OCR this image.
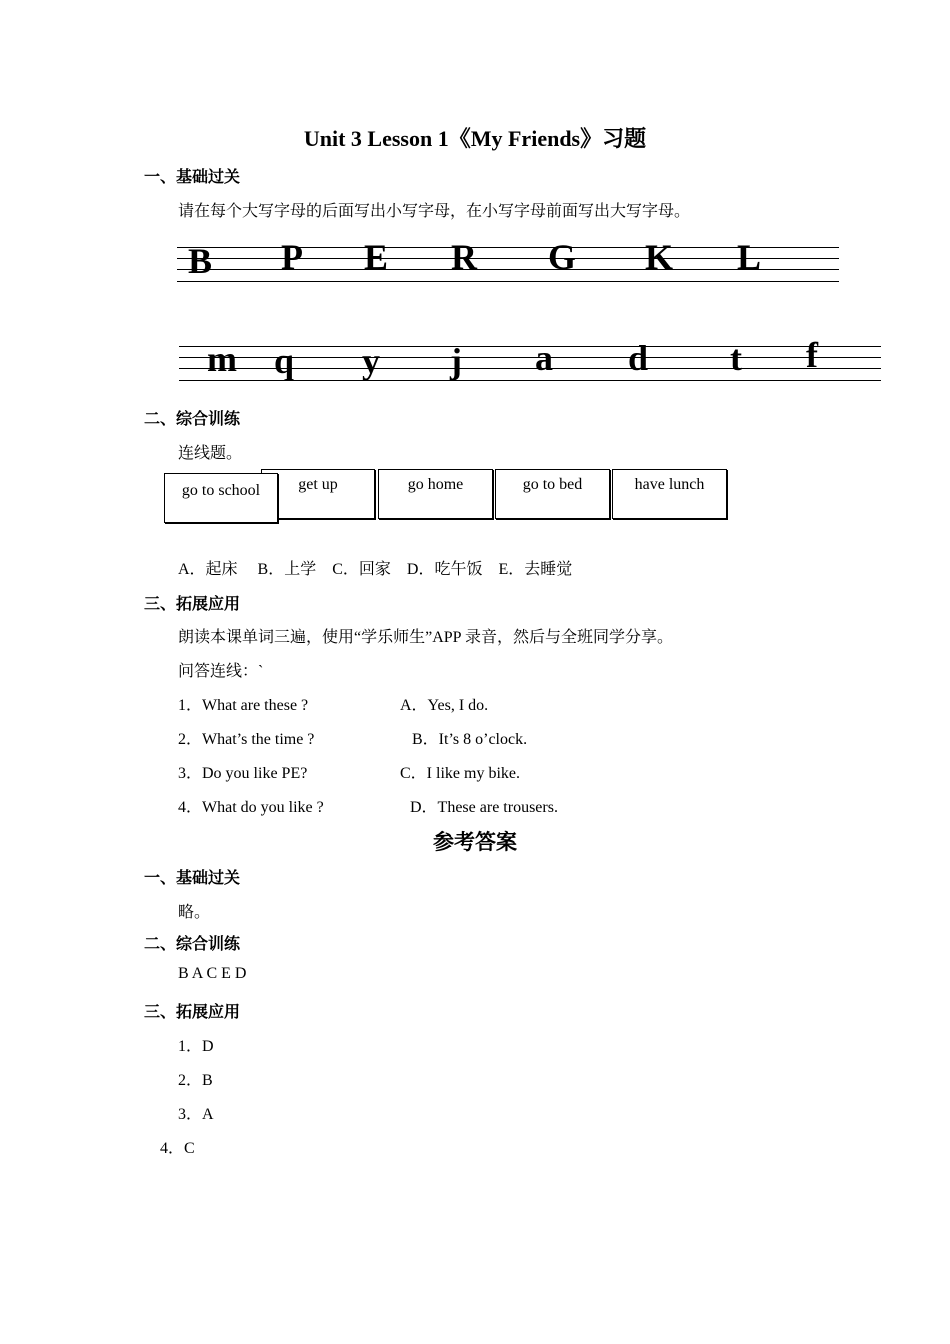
Unit 3 Lesson 1《My Friends》习题
一、基础过关
请在每个大写字母的后面写出小写字母，在小写字母前面写出大写字母。
B P E R G K L
m q y j a d t f
二、综合训练
连线题。
get up	go home	go to bed	have lunch
go to school
A．起床　 B．上学　C．回家　D．吃午饭　E．去睡觉
三、拓展应用
朗读本课单词三遍，使用“学乐师生”APP 录音，然后与全班同学分享。
问答连线：`
1．What are these ?
2．What’s the time ?
3．Do you like PE?
4．What do you like ?
A．Yes, I do.
B．It’s 8 o’clock.
C．I like my bike.
D．These are trousers.
参考答案
一、基础过关
略。
二、综合训练
B A C E D
三、拓展应用
1．D
2．B
3．A
4．C
